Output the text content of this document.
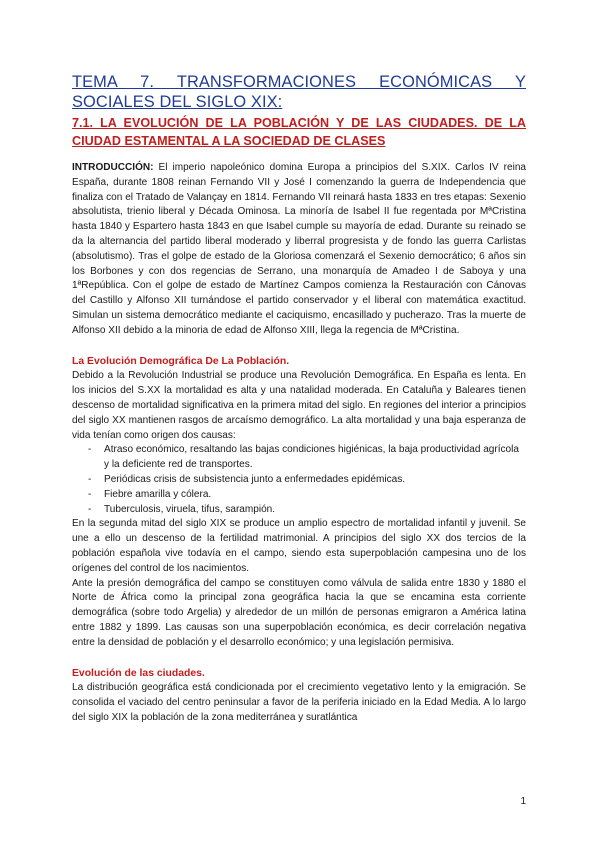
TEMA 7. TRANSFORMACIONES ECONÓMICAS Y SOCIALES DEL SIGLO XIX:
7.1. LA EVOLUCIÓN DE LA POBLACIÓN Y DE LAS CIUDADES. DE LA CIUDAD ESTAMENTAL A LA SOCIEDAD DE CLASES

INTRODUCCIÓN: El imperio napoleónico domina Europa a principios del S.XIX. Carlos IV reina España, durante 1808 reinan Fernando VII y José I comenzando la guerra de Independencia que finaliza con el Tratado de Valançay en 1814. Fernando VII reinará hasta 1833 en tres etapas: Sexenio absolutista, trienio liberal y Década Ominosa. La minoría de Isabel II fue regentada por MªCristina hasta 1840 y Espartero hasta 1843 en que Isabel cumple su mayoría de edad. Durante su reinado se da la alternancia del partido liberal moderado y liberral progresista y de fondo las guerra Carlistas (absolutismo). Tras el golpe de estado de la Gloriosa comenzará el Sexenio democrático; 6 años sin los Borbones y con dos regencias de Serrano, una monarquía de Amadeo I de Saboya y una 1ªRepública. Con el golpe de estado de Martínez Campos comienza la Restauración con Cánovas del Castillo y Alfonso XII turnándose el partido conservador y el liberal con matemática exactitud. Simulan un sistema democrático mediante el caciquismo, encasillado y pucherazo. Tras la muerte de Alfonso XII debido a la minoria de edad de Alfonso XIII, llega la regencia de MªCristina.

La Evolución Demográfica De La Población.

Debido a la Revolución Industrial se produce una Revolución Demográfica. En España es lenta. En los inicios del S.XX la mortalidad es alta y una natalidad moderada. En Cataluña y Baleares tienen descenso de mortalidad significativa en la primera mitad del siglo. En regiones del interior a principios del siglo XX mantienen rasgos de arcaísmo demográfico. La alta mortalidad y una baja esperanza de vida tenían como origen dos causas:

- Atraso económico, resaltando las bajas condiciones higiénicas, la baja productividad agrícola y la deficiente red de transportes.
- Periódicas crisis de subsistencia junto a enfermedades epidémicas.
- Fiebre amarilla y cólera.
- Tuberculosis, viruela, tifus, sarampión.

En la segunda mitad del siglo XIX se produce un amplio espectro de mortalidad infantil y juvenil. Se une a ello un descenso de la fertilidad matrimonial. A principios del siglo XX dos tercios de la población española vive todavía en el campo, siendo esta superpoblación campesina uno de los orígenes del control de los nacimientos.

Ante la presión demográfica del campo se constituyen como válvula de salida entre 1830 y 1880 el Norte de África como la principal zona geográfica hacia la que se encamina esta corriente demográfica (sobre todo Argelia) y alrededor de un millón de personas emigraron a América latina entre 1882 y 1899. Las causas son una superpoblación económica, es decir correlación negativa entre la densidad de población y el desarrollo económico; y una legislación permisiva.

Evolución de las ciudades.

La distribución geográfica está condicionada por el crecimiento vegetativo lento y la emigración. Se consolida el vaciado del centro peninsular a favor de la periferia iniciado en la Edad Media. A lo largo del siglo XIX la población de la zona mediterránea y suratlántica

1
